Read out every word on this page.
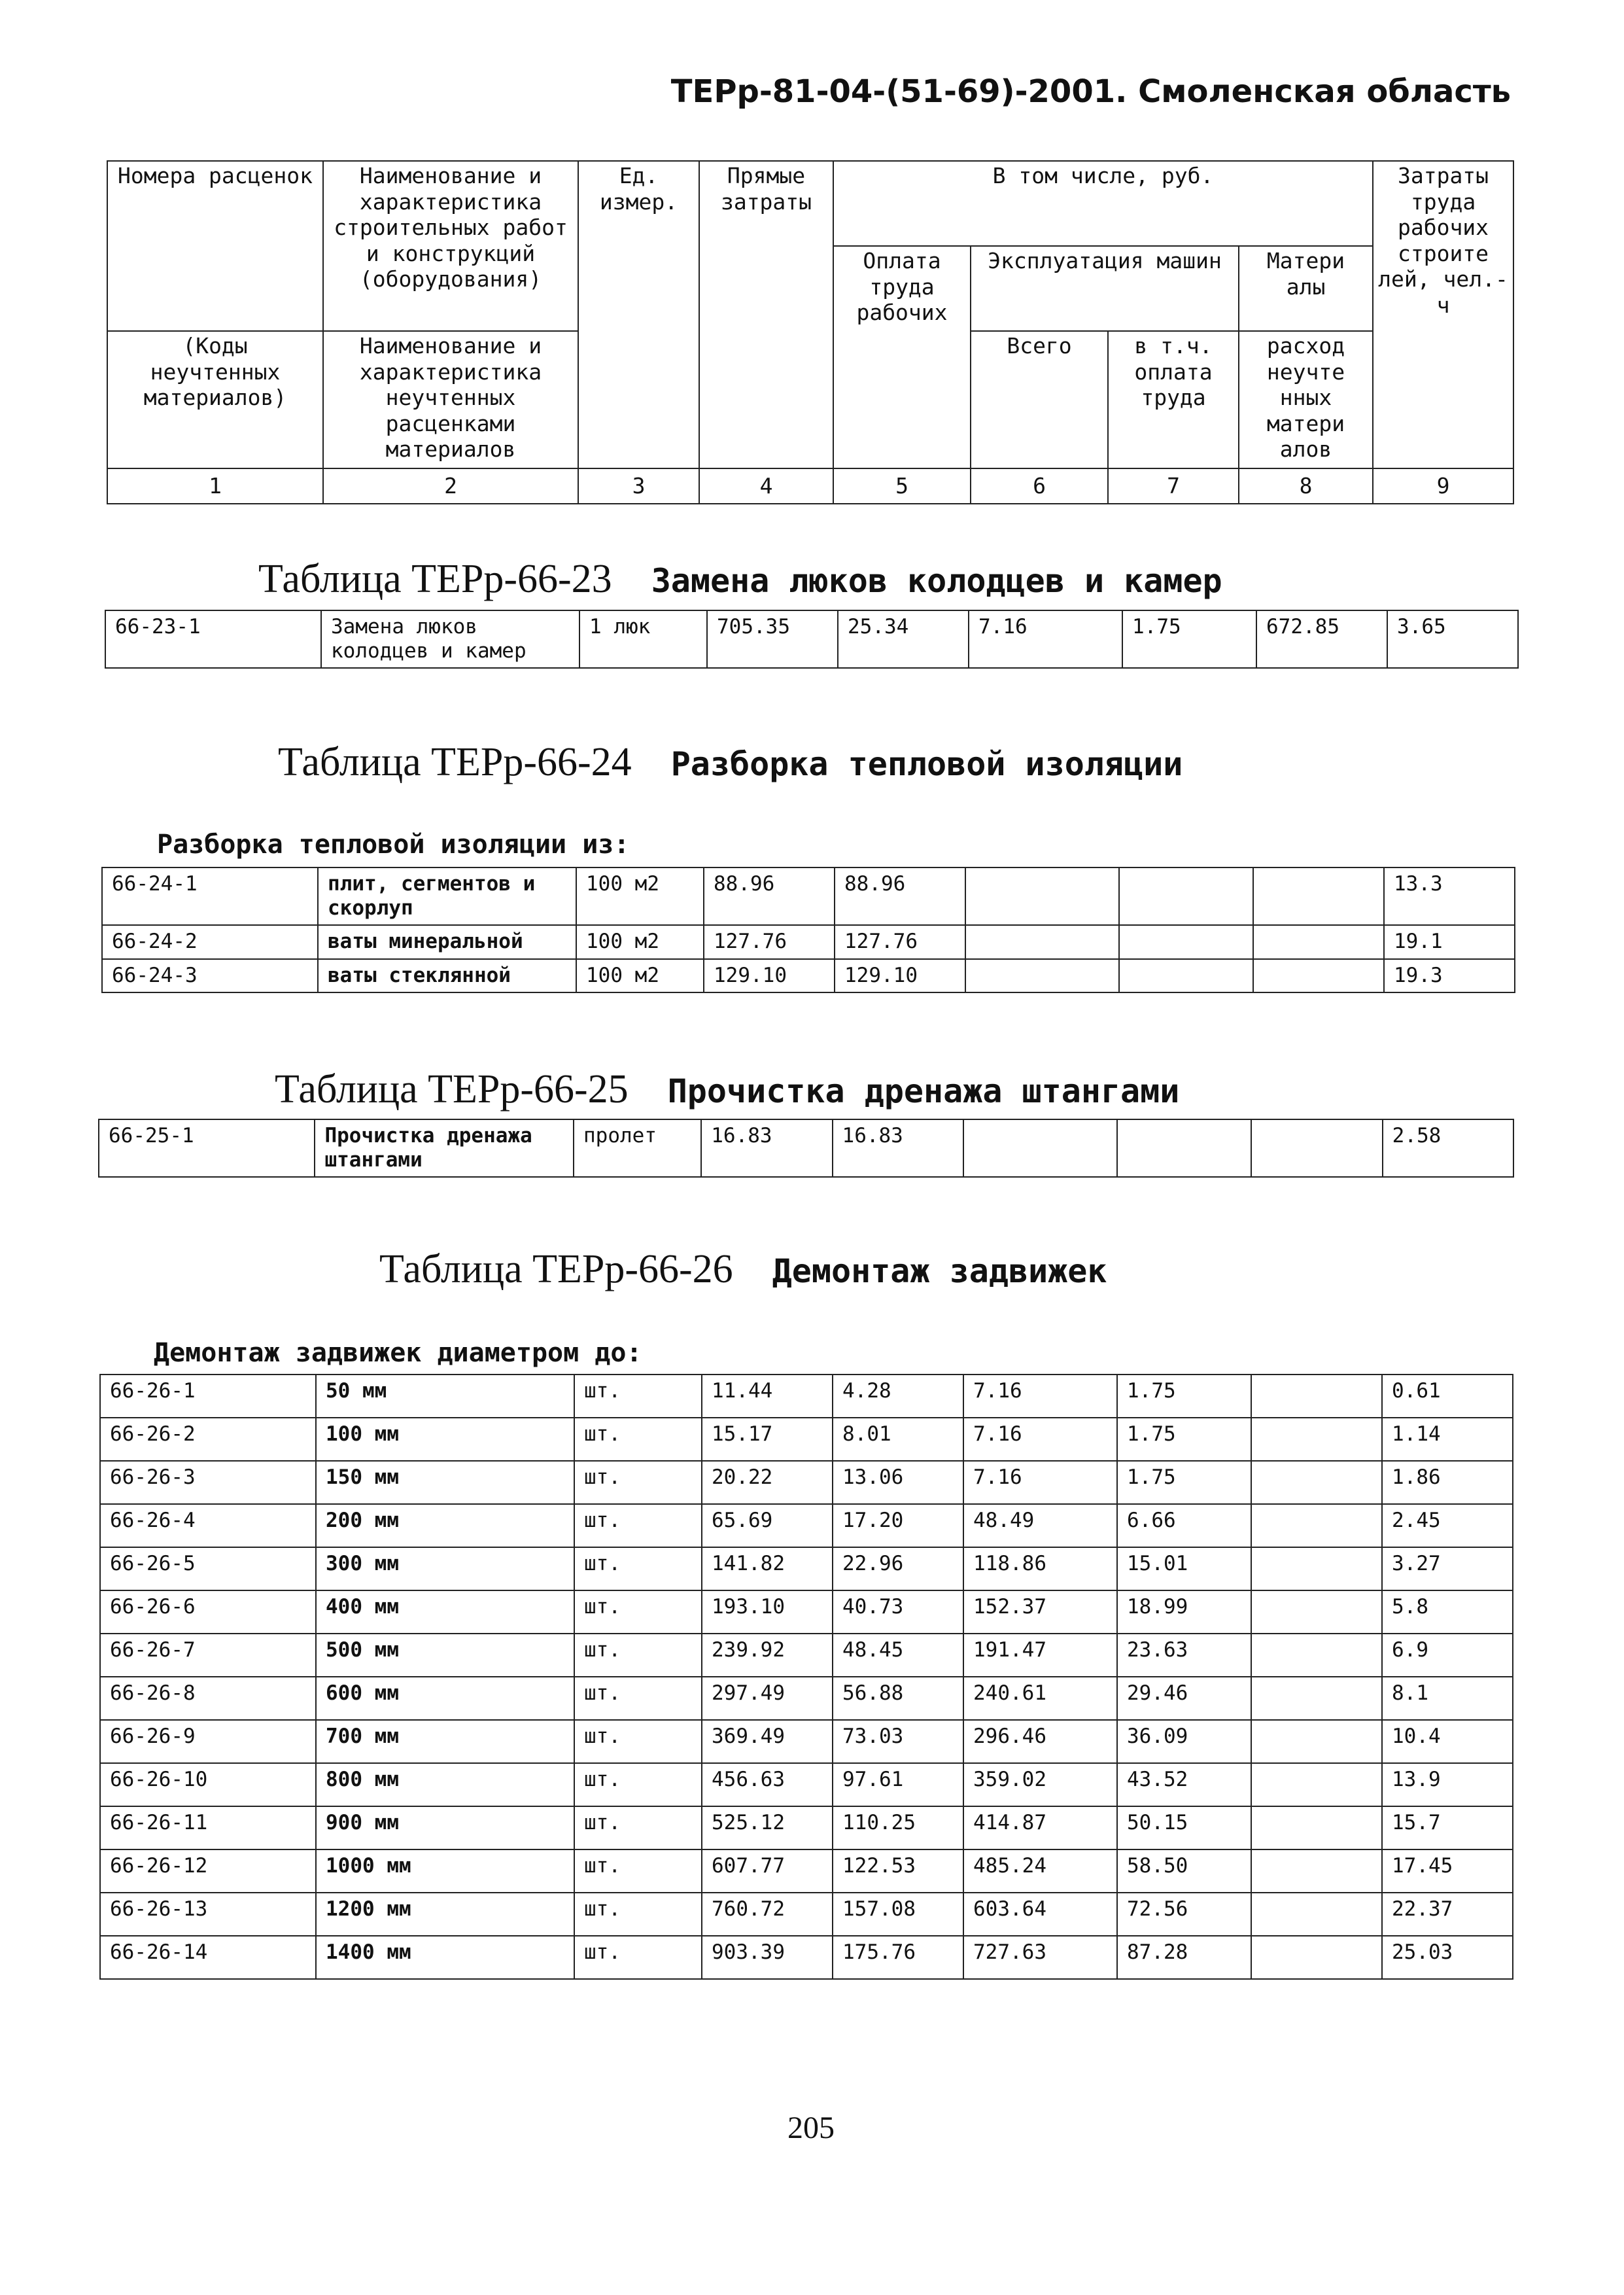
ТЕРр-81-04-(51-69)-2001. Смоленская область
Номера расценок	Наименование и характеристика строительных работ и конструкций (оборудования)	Ед. измер.	Прямые затраты	В том числе, руб.				Затраты труда рабочих строите лей, чел.-ч
				Оплата труда рабочих	Эксплуатация машин		Матери алы	
(Коды неучтенных материалов)	Наименование и характеристика неучтенных расценками материалов				Всего	в т.ч. оплата труда	расход неучте нных матери алов	
1	2	3	4	5	6	7	8	9
Таблица ТЕРр-66-23 Замена люков колодцев и камер
66-23-1	Замена люков колодцев и камер	1 люк	705.35	25.34	7.16	1.75	672.85	3.65
Таблица ТЕРр-66-24 Разборка тепловой изоляции
Разборка тепловой изоляции из:
66-24-1	плит, сегментов и скорлуп	100 м2	88.96	88.96				13.3
66-24-2	ваты минеральной	100 м2	127.76	127.76				19.1
66-24-3	ваты стеклянной	100 м2	129.10	129.10				19.3
Таблица ТЕРр-66-25 Прочистка дренажа штангами
66-25-1	Прочистка дренажа штангами	пролет	16.83	16.83				2.58
Таблица ТЕРр-66-26 Демонтаж задвижек
Демонтаж задвижек диаметром до:
66-26-1	50 мм	шт.	11.44	4.28	7.16	1.75		0.61
66-26-2	100 мм	шт.	15.17	8.01	7.16	1.75		1.14
66-26-3	150 мм	шт.	20.22	13.06	7.16	1.75		1.86
66-26-4	200 мм	шт.	65.69	17.20	48.49	6.66		2.45
66-26-5	300 мм	шт.	141.82	22.96	118.86	15.01		3.27
66-26-6	400 мм	шт.	193.10	40.73	152.37	18.99		5.8
66-26-7	500 мм	шт.	239.92	48.45	191.47	23.63		6.9
66-26-8	600 мм	шт.	297.49	56.88	240.61	29.46		8.1
66-26-9	700 мм	шт.	369.49	73.03	296.46	36.09		10.4
66-26-10	800 мм	шт.	456.63	97.61	359.02	43.52		13.9
66-26-11	900 мм	шт.	525.12	110.25	414.87	50.15		15.7
66-26-12	1000 мм	шт.	607.77	122.53	485.24	58.50		17.45
66-26-13	1200 мм	шт.	760.72	157.08	603.64	72.56		22.37
66-26-14	1400 мм	шт.	903.39	175.76	727.63	87.28		25.03
205
